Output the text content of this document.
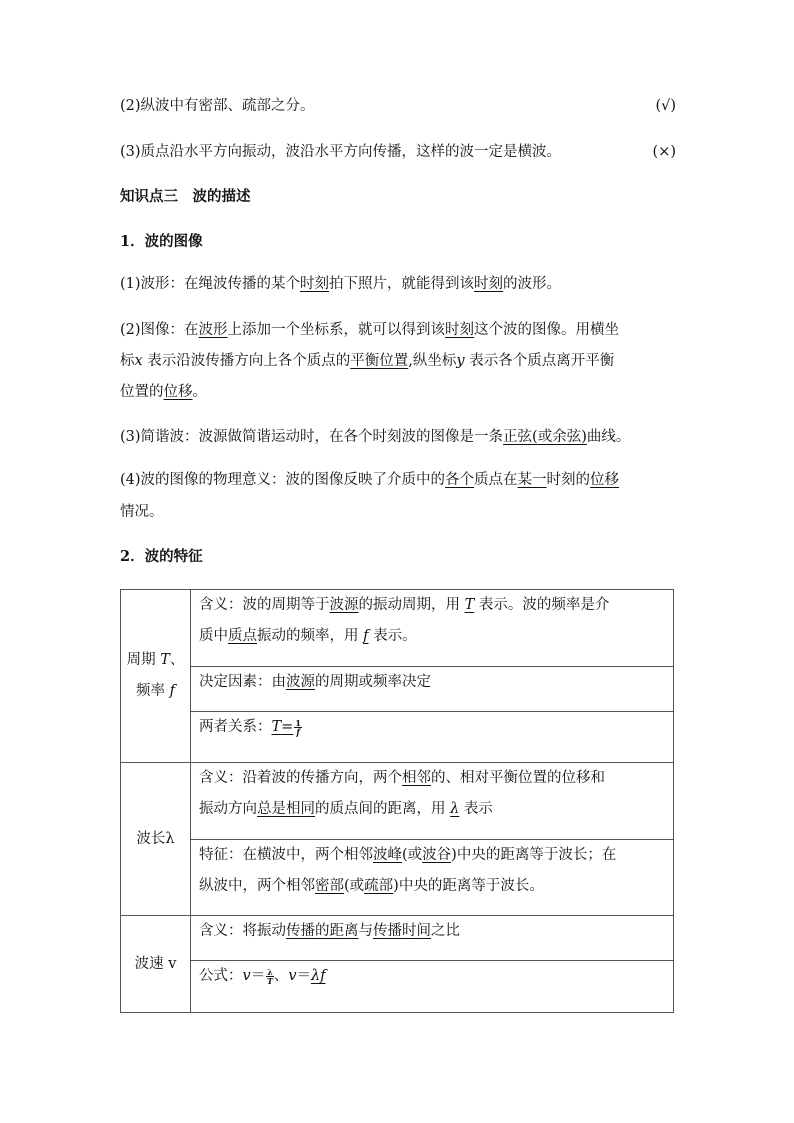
(2)纵波中有密部、疏部之分。	(√)
(3)质点沿水平方向振动，波沿水平方向传播，这样的波一定是横波。	(×)
知识点三　波的描述
1．波的图像
(1)波形：在绳波传播的某个时刻拍下照片，就能得到该时刻的波形。
(2)图像：在波形上添加一个坐标系，就可以得到该时刻这个波的图像。用横坐
标x 表示沿波传播方向上各个质点的平衡位置,纵坐标y 表示各个质点离开平衡
位置的位移。
(3)简谐波：波源做简谐运动时，在各个时刻波的图像是一条正弦(或余弦)曲线。
(4)波的图像的物理意义：波的图像反映了介质中的各个质点在某一时刻的位移
情况。
2．波的特征
周期 T、
频率 f	含义：波的周期等于波源的振动周期，用 T 表示。波的频率是介
质中质点振动的频率，用 f 表示。
	决定因素：由波源的周期或频率决定
	两者关系：$T= \frac{1}{f}$

波长λ	含义：沿着波的传播方向，两个相邻的、相对平衡位置的位移和
振动方向总是相同的质点间的距离，用 λ 表示
	特征：在横波中，两个相邻波峰(或波谷)中央的距离等于波长；在
纵波中，两个相邻密部(或疏部)中央的距离等于波长。
波速 v	含义：将振动传播的距离与传播时间之比
	公式：$v= \frac{\lambda}{T}$ 、v＝λf
